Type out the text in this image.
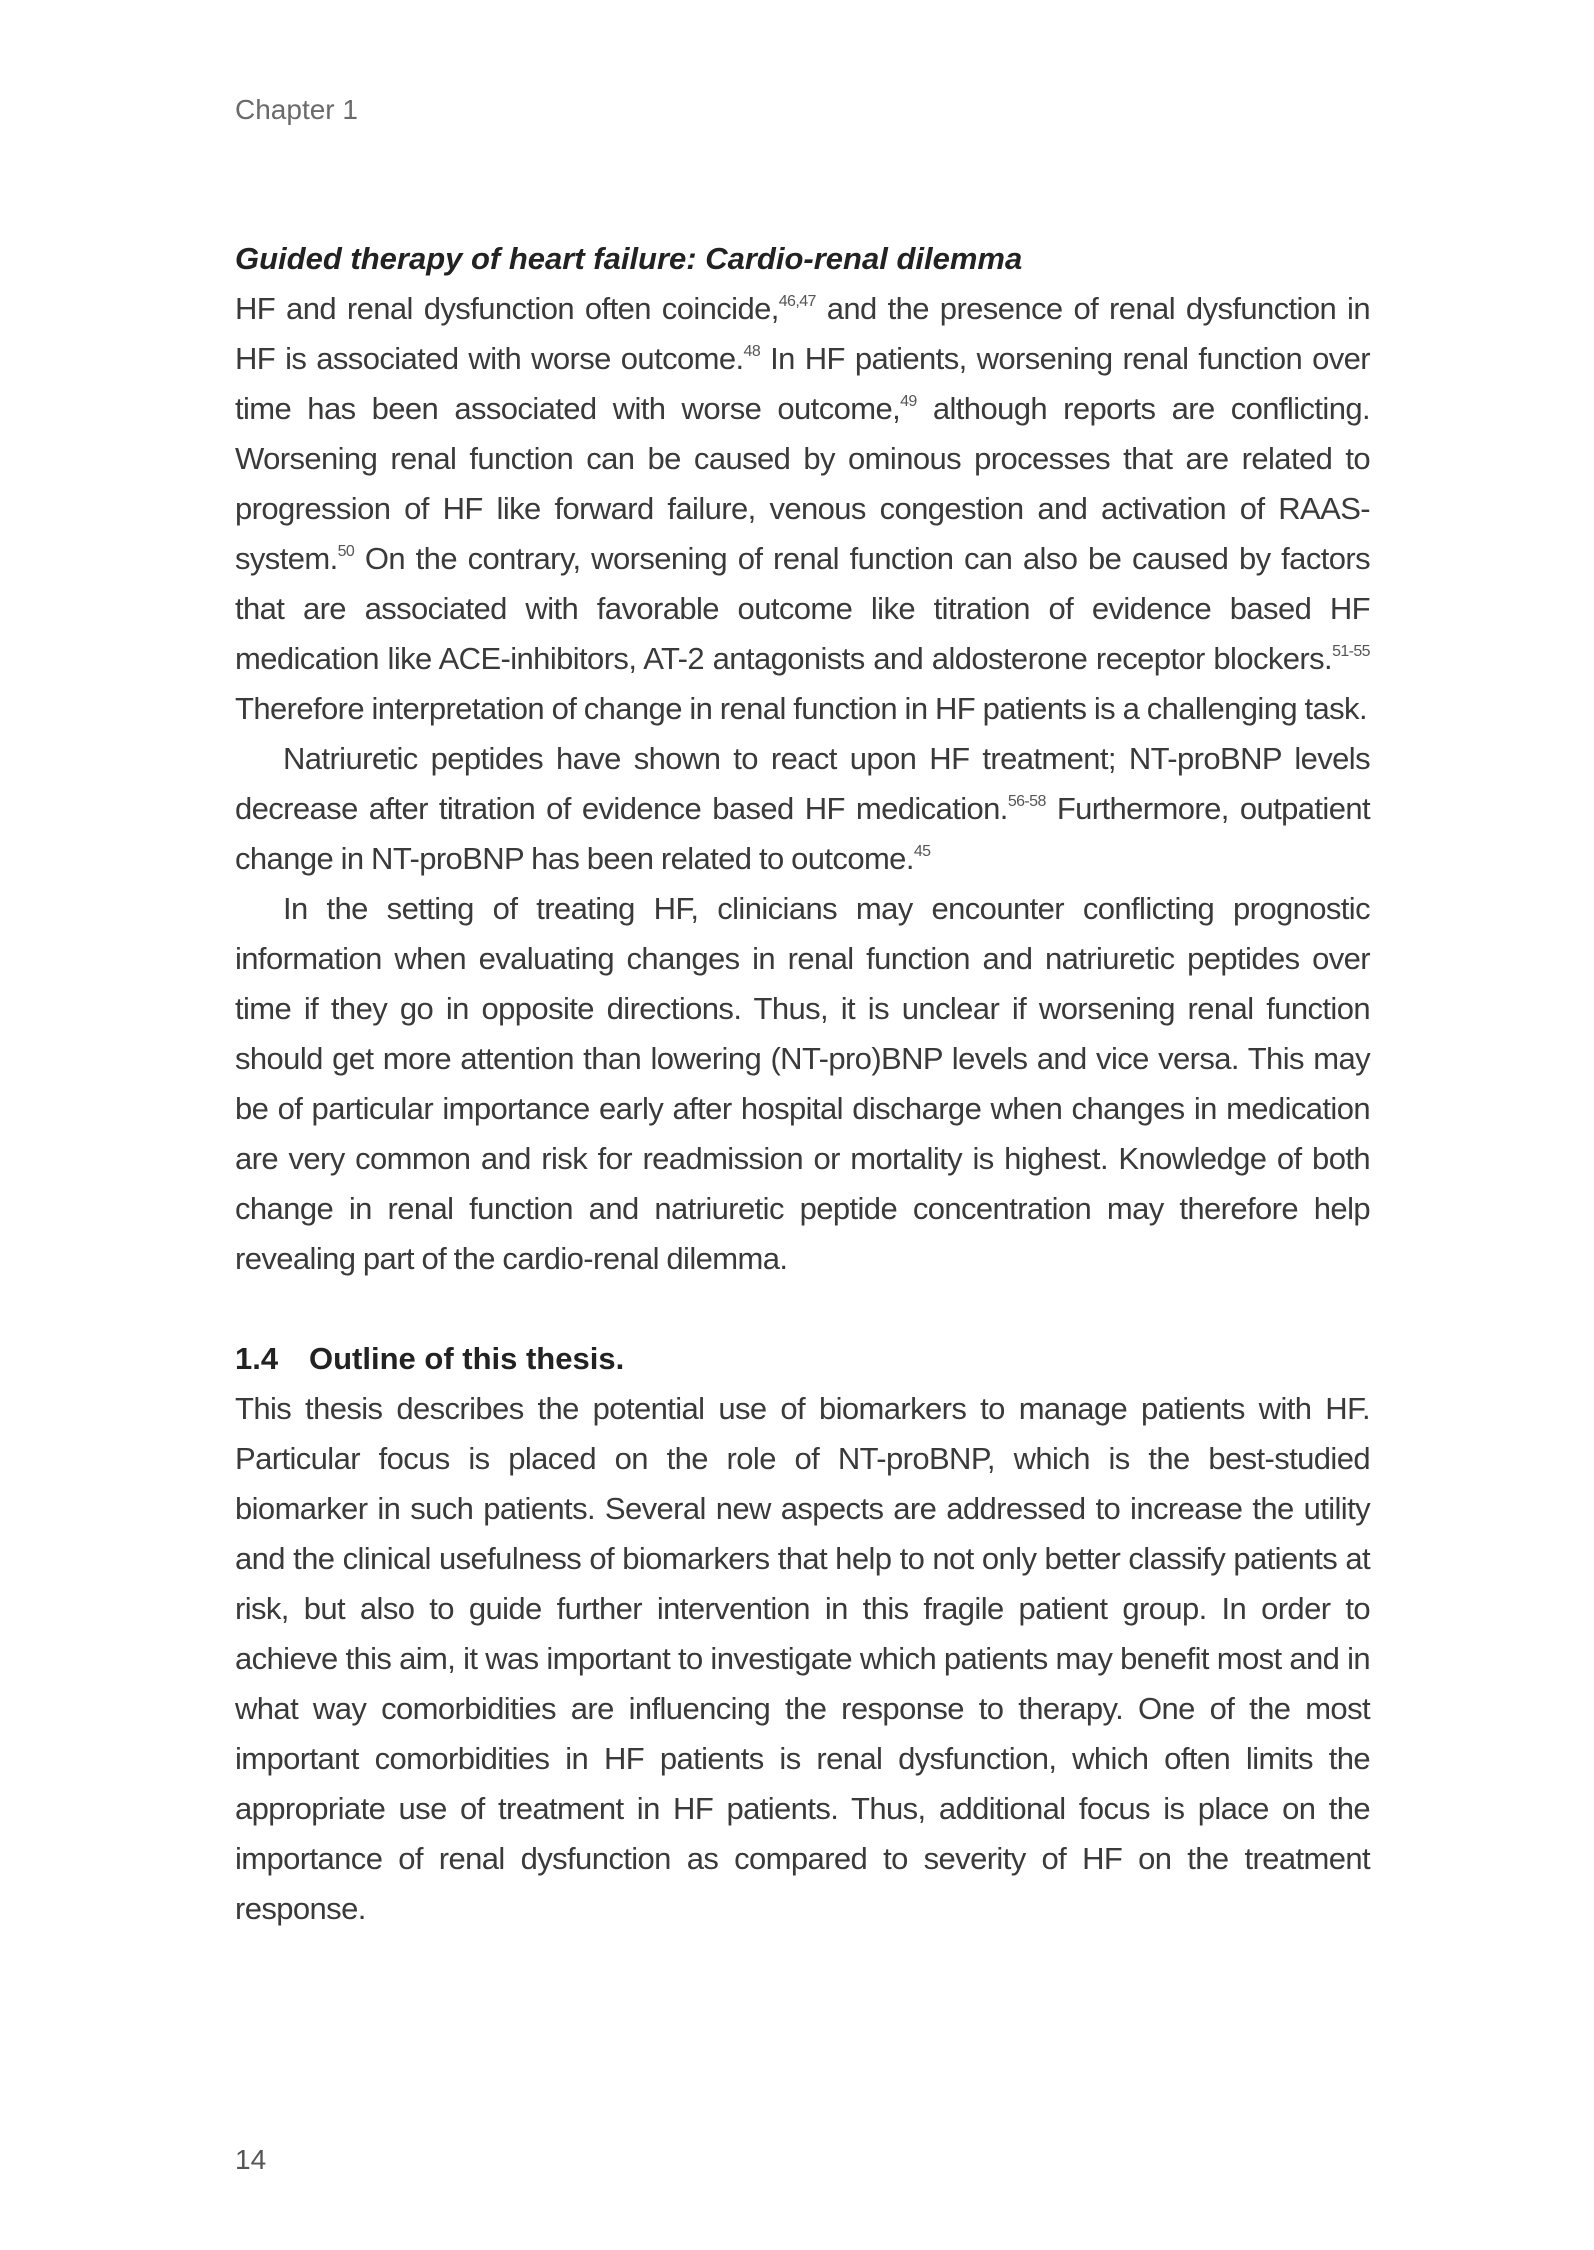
Chapter 1
Guided therapy of heart failure: Cardio-renal dilemma

HF and renal dysfunction often coincide,$^{46,47}$ and the presence of renal dysfunction in HF is associated with worse outcome.$^{48}$ In HF patients, worsening renal function over time has been associated with worse outcome,$^{49}$ although reports are conflicting. Worsening renal function can be caused by ominous processes that are related to progression of HF like forward failure, venous congestion and activation of RAAS-system.$^{50}$ On the contrary, worsening of renal function can also be caused by factors that are associated with favorable outcome like titration of evidence based HF medication like ACE-inhibitors, AT-2 antagonists and aldosterone receptor blockers.$^{51-55}$ Therefore interpretation of change in renal function in HF patients is a challenging task.

Natriuretic peptides have shown to react upon HF treatment; NT-proBNP levels decrease after titration of evidence based HF medication.$^{56-58}$ Furthermore, outpatient change in NT-proBNP has been related to outcome.$^{45}$

In the setting of treating HF, clinicians may encounter conflicting prognostic information when evaluating changes in renal function and natriuretic peptides over time if they go in opposite directions. Thus, it is unclear if worsening renal function should get more attention than lowering (NT-pro)BNP levels and vice versa. This may be of particular importance early after hospital discharge when changes in medication are very common and risk for readmission or mortality is highest. Knowledge of both change in renal function and natriuretic peptide concentration may therefore help revealing part of the cardio-renal dilemma.

1.4 Outline of this thesis.

This thesis describes the potential use of biomarkers to manage patients with HF. Particular focus is placed on the role of NT-proBNP, which is the best-studied biomarker in such patients. Several new aspects are addressed to increase the utility and the clinical usefulness of biomarkers that help to not only better classify patients at risk, but also to guide further intervention in this fragile patient group. In order to achieve this aim, it was important to investigate which patients may benefit most and in what way comorbidities are influencing the response to therapy. One of the most important comorbidities in HF patients is renal dysfunction, which often limits the appropriate use of treatment in HF patients. Thus, additional focus is place on the importance of renal dysfunction as compared to severity of HF on the treatment response.

14
